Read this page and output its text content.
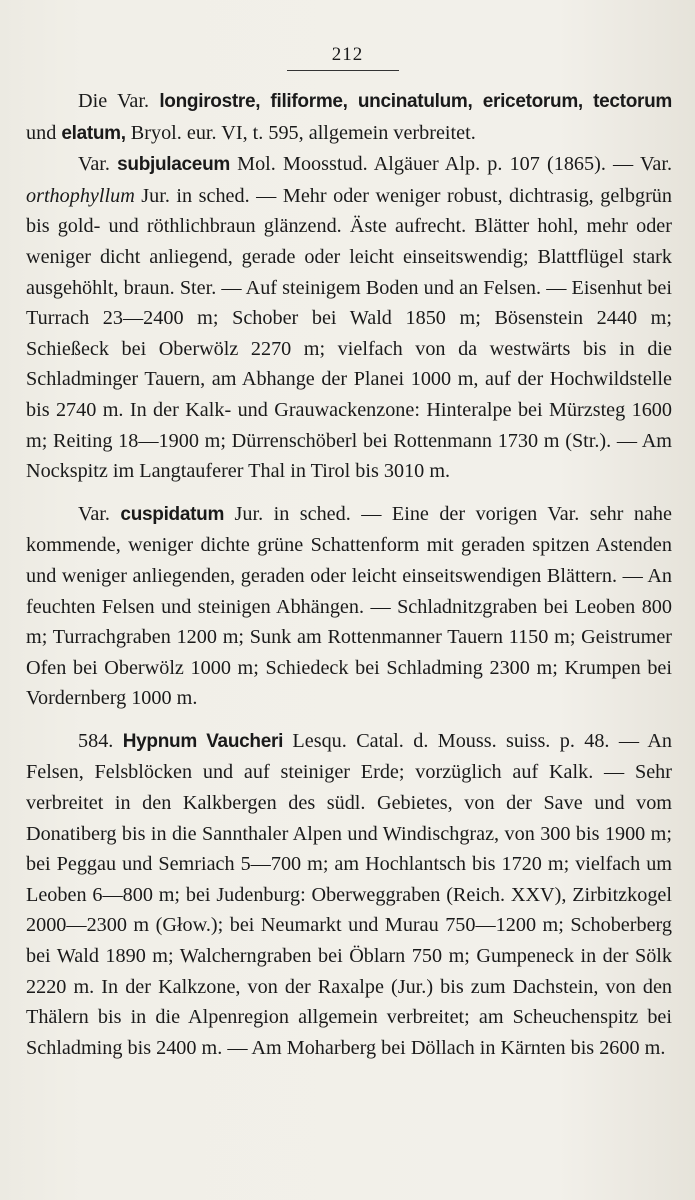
212

Die Var. longirostre, filiforme, uncinatulum, ericetorum, tectorum und elatum, Bryol. eur. VI, t. 595, allgemein verbreitet.

Var. subjulaceum Mol. Moosstud. Algäuer Alp. p. 107 (1865). — Var. orthophyllum Jur. in sched. — Mehr oder weniger robust, dichtrasig, gelbgrün bis gold- und röthlichbraun glänzend. Äste aufrecht. Blätter hohl, mehr oder weniger dicht anliegend, gerade oder leicht einseitswendig; Blattflügel stark ausgehöhlt, braun. Ster. — Auf steinigem Boden und an Felsen. — Eisenhut bei Turrach 23—2400 m; Schober bei Wald 1850 m; Bösenstein 2440 m; Schießeck bei Oberwölz 2270 m; vielfach von da westwärts bis in die Schladminger Tauern, am Abhange der Planei 1000 m, auf der Hochwildstelle bis 2740 m. In der Kalk- und Grauwackenzone: Hinteralpe bei Mürzsteg 1600 m; Reiting 18—1900 m; Dürrenschöberl bei Rottenmann 1730 m (Str.). — Am Nockspitz im Langtauferer Thal in Tirol bis 3010 m.

Var. cuspidatum Jur. in sched. — Eine der vorigen Var. sehr nahe kommende, weniger dichte grüne Schattenform mit geraden spitzen Astenden und weniger anliegenden, geraden oder leicht einseitswendigen Blättern. — An feuchten Felsen und steinigen Abhängen. — Schladnitzgraben bei Leoben 800 m; Turrachgraben 1200 m; Sunk am Rottenmanner Tauern 1150 m; Geistrumer Ofen bei Oberwölz 1000 m; Schiedeck bei Schladming 2300 m; Krumpen bei Vordernberg 1000 m.

584. Hypnum Vaucheri Lesqu. Catal. d. Mouss. suiss. p. 48. — An Felsen, Felsblöcken und auf steiniger Erde; vorzüglich auf Kalk. — Sehr verbreitet in den Kalkbergen des südl. Gebietes, von der Save und vom Donatiberg bis in die Sannthaler Alpen und Windischgraz, von 300 bis 1900 m; bei Peggau und Semriach 5—700 m; am Hochlantsch bis 1720 m; vielfach um Leoben 6—800 m; bei Judenburg: Oberweggraben (Reich. XXV), Zirbitzkogel 2000—2300 m (Głow.); bei Neumarkt und Murau 750—1200 m; Schoberberg bei Wald 1890 m; Walcherngraben bei Öblarn 750 m; Gumpeneck in der Sölk 2220 m. In der Kalkzone, von der Raxalpe (Jur.) bis zum Dachstein, von den Thälern bis in die Alpenregion allgemein verbreitet; am Scheuchenspitz bei Schladming bis 2400 m. — Am Moharberg bei Döllach in Kärnten bis 2600 m.
